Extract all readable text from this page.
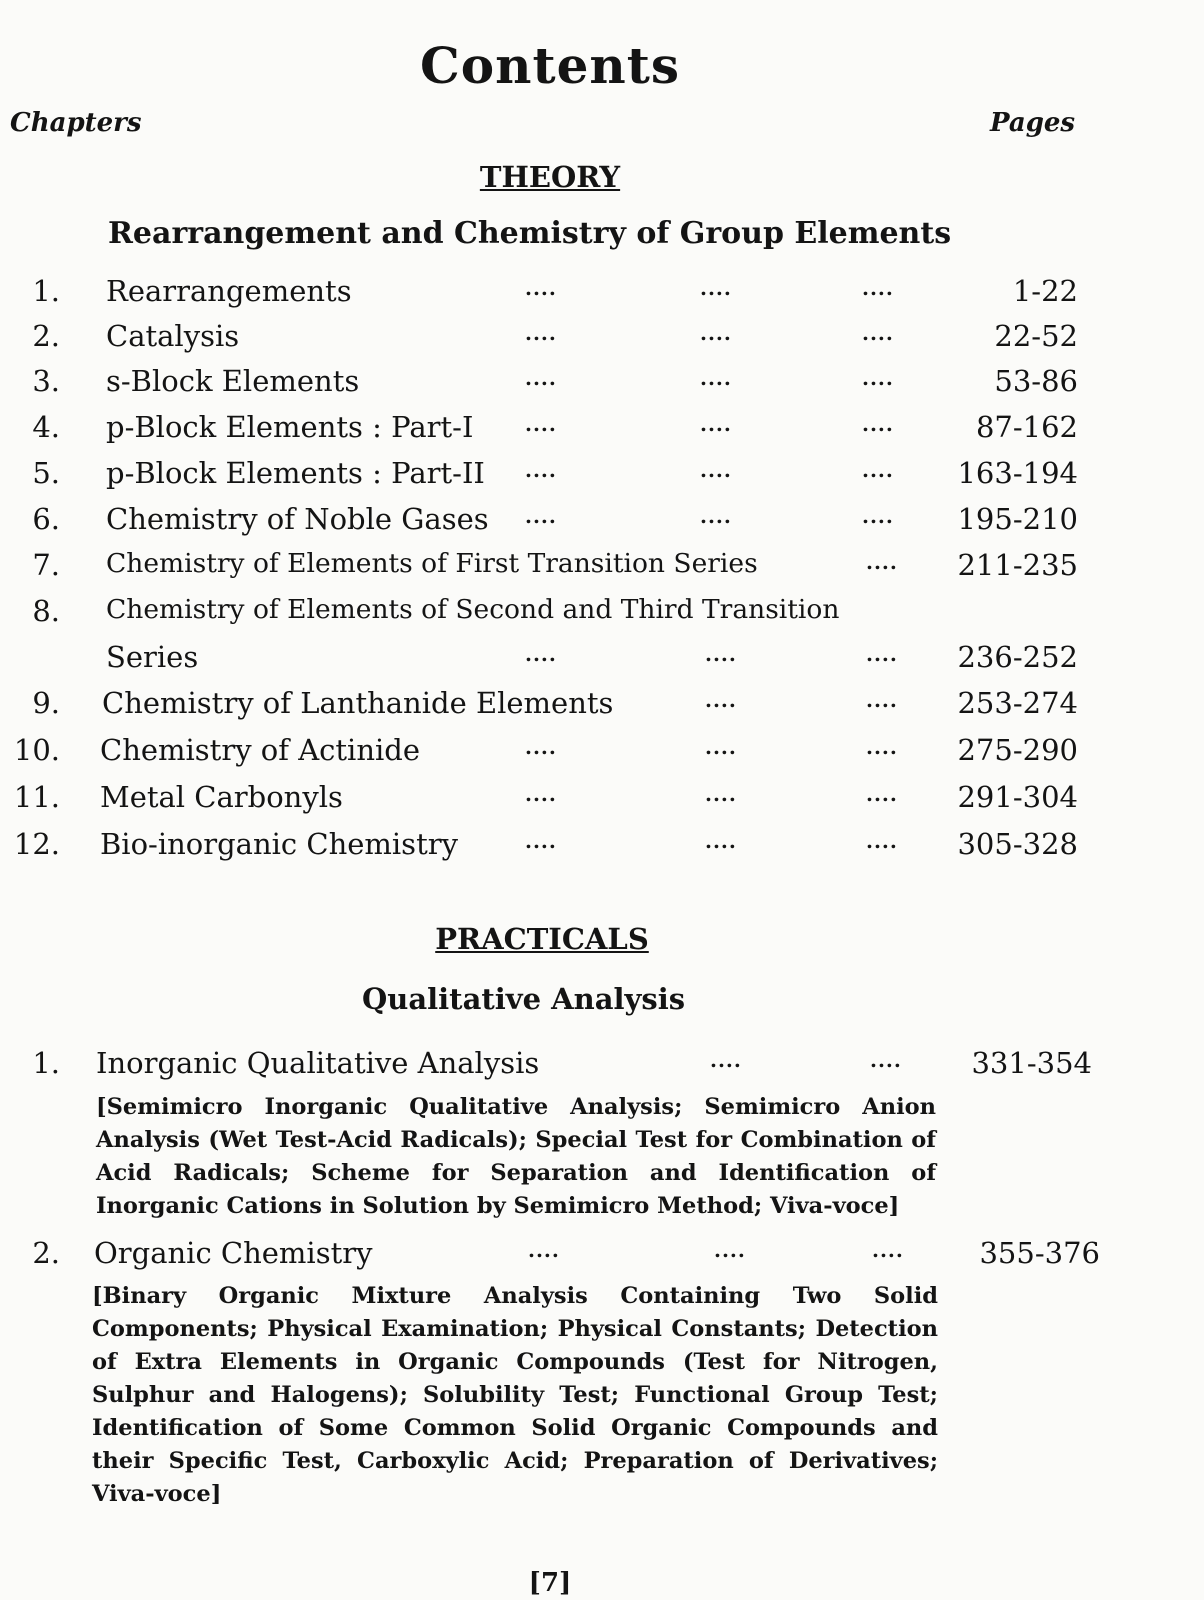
Contents
Chapters	Pages
THEORY
Rearrangement and Chemistry of Group Elements
1. Rearrangements	....	....	....	1-22
2. Catalysis	....	....	....	22-52
3. s-Block Elements	....	....	....	53-86
4. p-Block Elements : Part-I	....	....	....	87-162
5. p-Block Elements : Part-II ....	....	.... 163-194
6. Chemistry of Noble Gases ....	....	.... 195-210
7. Chemistry of Elements of First Transition Series	.... 211-235
8. Chemistry of Elements of Second and Third Transition
Series	....	....	.... 236-252
9. Chemistry of Lanthanide Elements	....	.... 253-274
10. Chemistry of Actinide	....	....	.... 275-290
11. Metal Carbonyls	....	....	.... 291-304
12. Bio-inorganic Chemistry	....	....	.... 305-328
PRACTICALS
Qualitative Analysis
1. Inorganic Qualitative Analysis	....	.... 331-354
[Semimicro Inorganic Qualitative Analysis; Semimicro Anion Analysis (Wet Test-Acid Radicals); Special Test for Combination of Acid Radicals; Scheme for Separation and Identification of Inorganic Cations in Solution by Semimicro Method; Viva-voce]
2. Organic Chemistry	....	....	....	355-376
[Binary Organic Mixture Analysis Containing Two Solid Components; Physical Examination; Physical Constants; Detection of Extra Elements in Organic Compounds (Test for Nitrogen, Sulphur and Halogens); Solubility Test; Functional Group Test; Identification of Some Common Solid Organic Compounds and their Specific Test, Carboxylic Acid; Preparation of Derivatives; Viva-voce]
[7]
